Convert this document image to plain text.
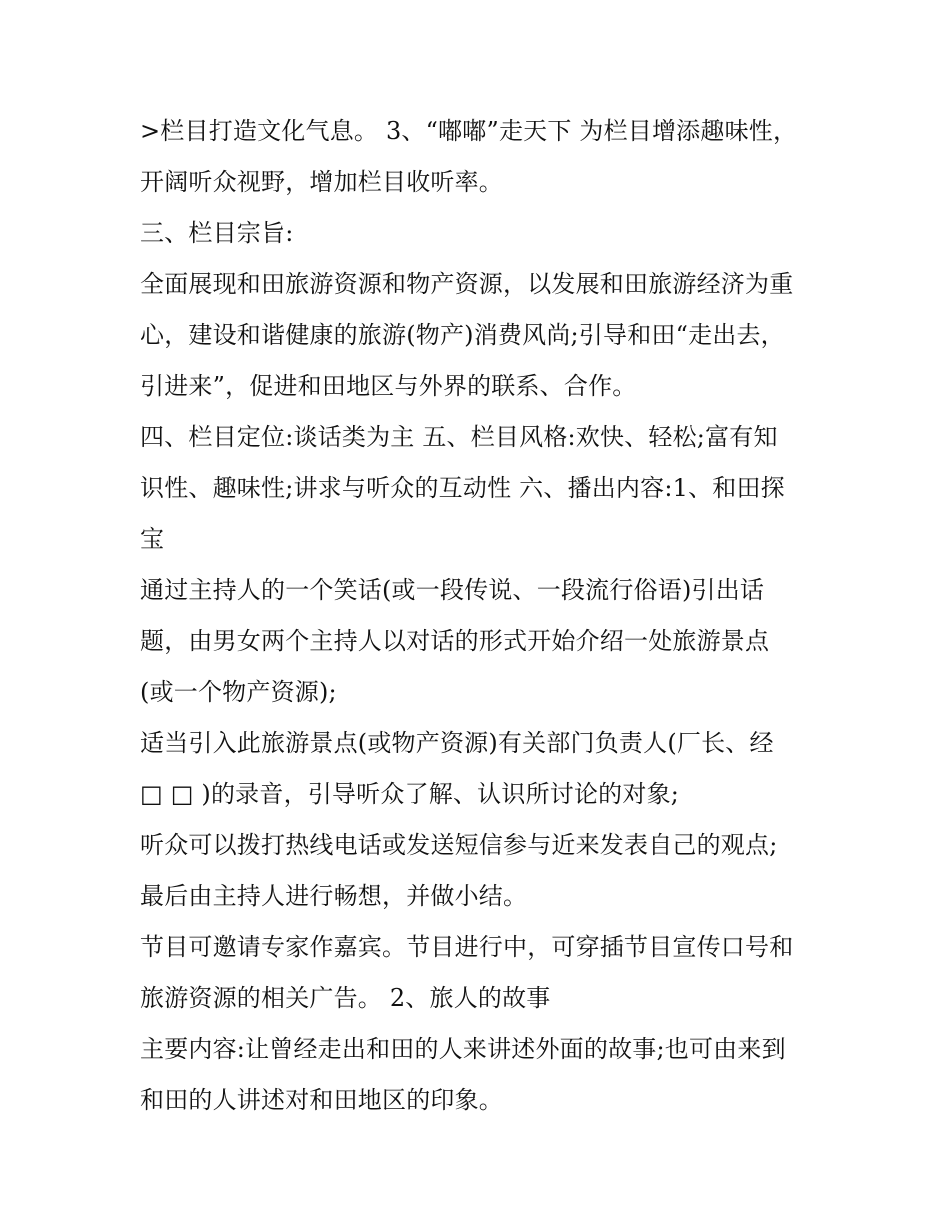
>栏目打造文化气息。 3、“嘟嘟”走天下 为栏目增添趣味性，
开阔听众视野，增加栏目收听率。
三、栏目宗旨:
全面展现和田旅游资源和物产资源，以发展和田旅游经济为重
心，建设和谐健康的旅游(物产)消费风尚;引导和田“走出去，
引进来”，促进和田地区与外界的联系、合作。
四、栏目定位:谈话类为主 五、栏目风格:欢快、轻松;富有知
识性、趣味性;讲求与听众的互动性 六、播出内容:1、和田探
宝
通过主持人的一个笑话(或一段传说、一段流行俗语)引出话
题，由男女两个主持人以对话的形式开始介绍一处旅游景点
(或一个物产资源);
适当引入此旅游景点(或物产资源)有关部门负责人(厂长、经
□ □ )的录音，引导听众了解、认识所讨论的对象;
听众可以拨打热线电话或发送短信参与近来发表自己的观点;
最后由主持人进行畅想，并做小结。
节目可邀请专家作嘉宾。节目进行中，可穿插节目宣传口号和
旅游资源的相关广告。 2、旅人的故事
主要内容:让曾经走出和田的人来讲述外面的故事;也可由来到
和田的人讲述对和田地区的印象。
